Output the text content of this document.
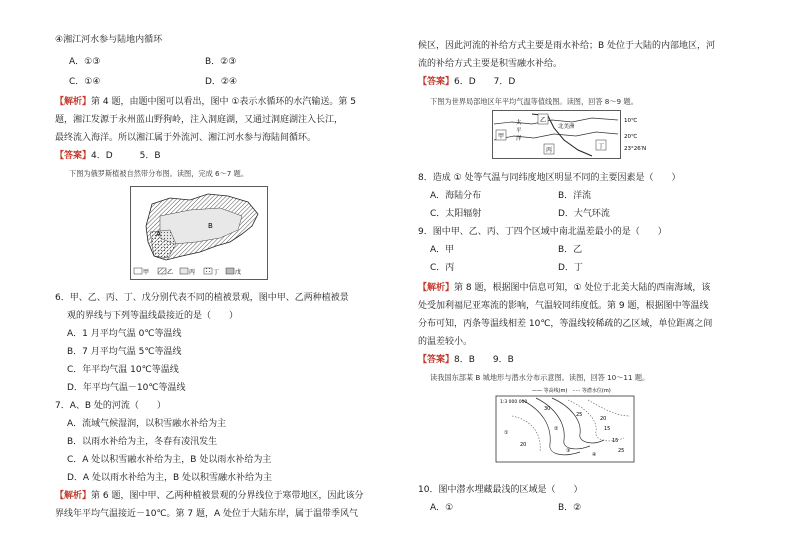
④湘江河水参与陆地内循环
A．①③	B．②③
C．①④	D．②④
【解析】第 4 题，由题中图可以看出，图中 ①表示水循环的水汽输送。第 5
题，湘江发源于永州蓝山野狗岭，注入洞庭湖，又通过洞庭湖注入长江，
最终流入海洋。所以湘江属于外流河、湘江河水参与海陆间循环。
【答案】4．D　　　5．B
下图为俄罗斯植被自然带分布图。读图，完成 6～7 题。
A
B
甲	乙	丙	丁	戊
6．甲、乙、丙、丁、戊分别代表不同的植被景观，图中甲、乙两种植被景
观的界线与下列等温线最接近的是（　　）
A．1 月平均气温 0℃等温线
B．7 月平均气温 5℃等温线
C．年平均气温 10℃等温线
D．年平均气温－10℃等温线
7．A、B 处的河流（　　）
A．流域气候湿润，以积雪融水补给为主
B．以雨水补给为主，冬春有凌汛发生
C．A 处以积雪融水补给为主，B 处以雨水补给为主
D．A 处以雨水补给为主，B 处以积雪融水补给为主
【解析】第 6 题，图中甲、乙两种植被景观的分界线位于寒带地区，因此该分
界线年平均气温接近－10℃。第 7 题，A 处位于大陆东岸，属于温带季风气
候区，因此河流的补给方式主要是雨水补给；B 处位于大陆的内部地区，河
流的补给方式主要是积雪融水补给。
【答案】6．D　　7．D
下图为世界局部地区年平均气温等值线图。读图，回答 8～9 题。
甲
太
平
洋
乙
北美洲
丙
丁
10℃
20℃
23°26′N
8．造成 ① 处等气温与同纬度地区明显不同的主要因素是（　　）
A．海陆分布	B．洋流
C．太阳辐射	D．大气环流
9．图中甲、乙、丙、丁四个区域中南北温差最小的是（　　）
A．甲	B．乙
C．丙	D．丁
【解析】第 8 题，根据图中信息可知，① 处位于北美大陆的西南海域，该
处受加利福尼亚寒流的影响，气温较同纬度低。第 9 题，根据图中等温线
分布可知，丙条等温线相差 10℃，等温线较稀疏的乙区域，单位距离之间
的温差较小。
【答案】8．B　　9．B
读我国东部某 B 城地形与潜水分布示意图。读图，回答 10～11 题。
—— 等高线(m)　····· 等潜水位(m)
1:3 000 000
30
25
20
15
15
20
25
①
②
③
④
10．图中潜水埋藏最浅的区域是（　　）
A．①	B．②
